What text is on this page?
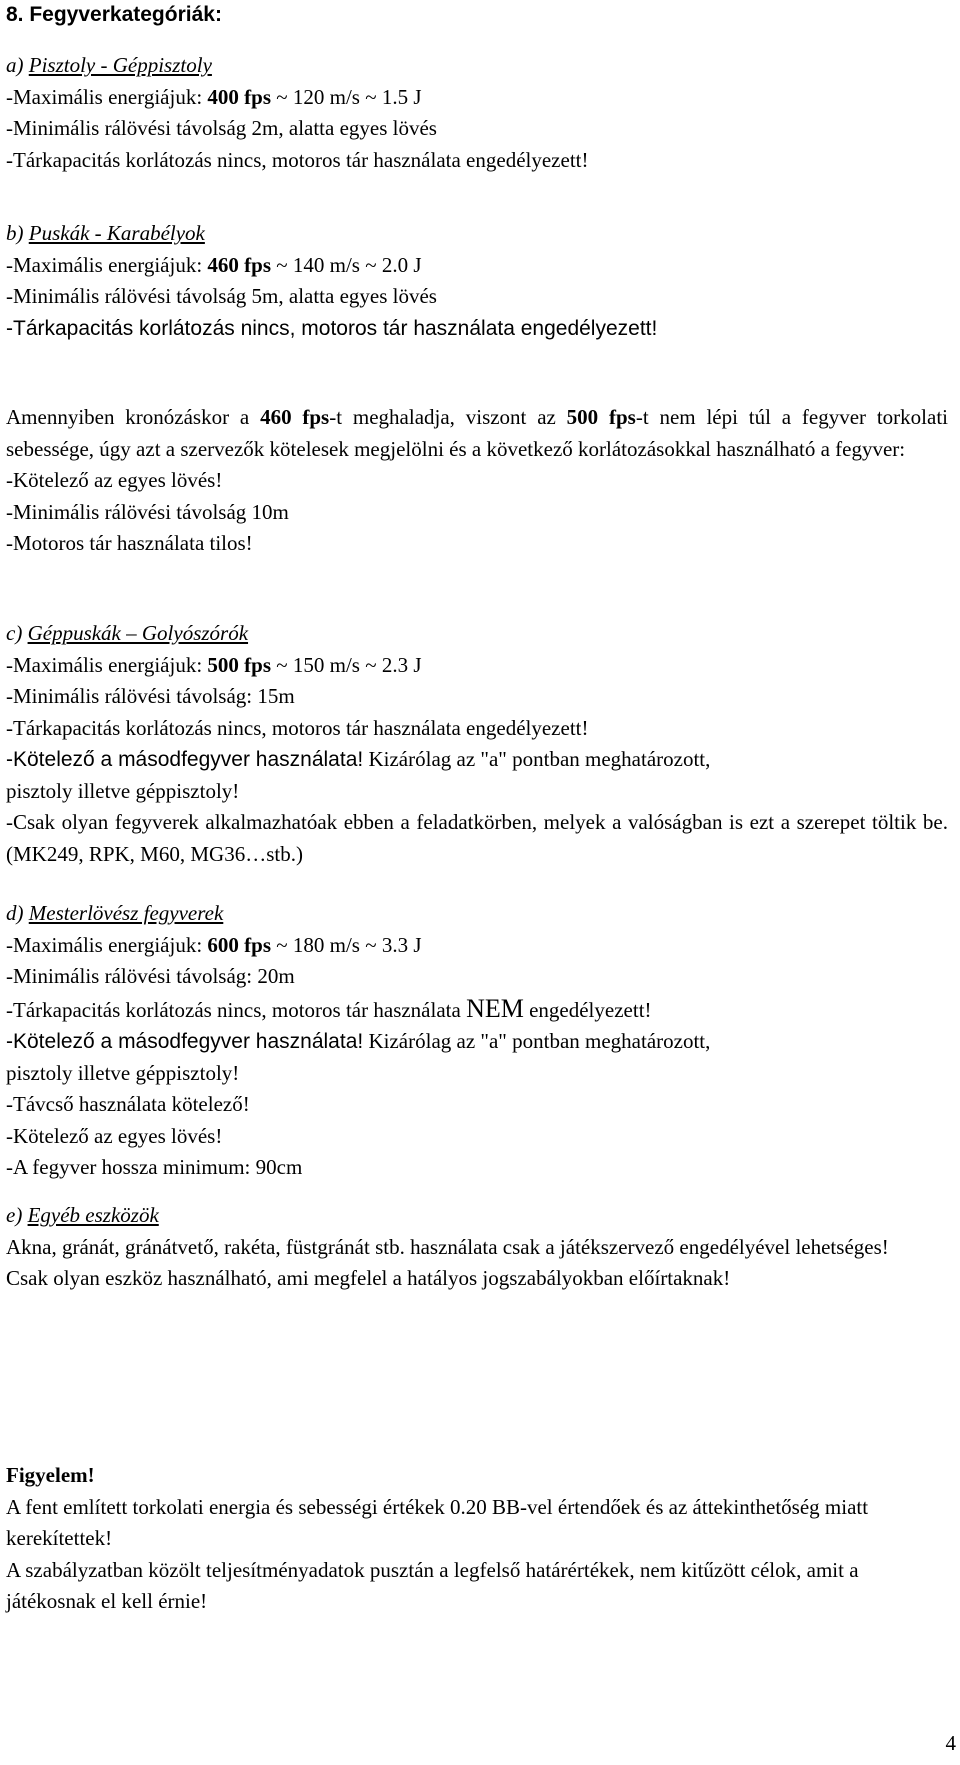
8. Fegyverkategóriák:
a) Pisztoly - Géppisztoly
-Maximális energiájuk: 400 fps ~ 120 m/s ~ 1.5 J
-Minimális rálövési távolság 2m, alatta egyes lövés
-Tárkapacitás korlátozás nincs, motoros tár használata engedélyezett!
b) Puskák - Karabélyok
-Maximális energiájuk: 460 fps ~ 140 m/s ~ 2.0 J
-Minimális rálövési távolság 5m, alatta egyes lövés
-Tárkapacitás korlátozás nincs, motoros tár használata engedélyezett!
Amennyiben kronózáskor a 460 fps-t meghaladja, viszont az 500 fps-t nem lépi túl a fegyver torkolati sebessége, úgy azt a szervezők kötelesek megjelölni és a következő korlátozásokkal használható a fegyver:
-Kötelező az egyes lövés!
-Minimális rálövési távolság 10m
-Motoros tár használata tilos!
c) Géppuskák – Golyószórók
-Maximális energiájuk: 500 fps ~ 150 m/s ~ 2.3 J
-Minimális rálövési távolság: 15m
-Tárkapacitás korlátozás nincs, motoros tár használata engedélyezett!
-Kötelező a másodfegyver használata! Kizárólag az "a" pontban meghatározott,
pisztoly illetve géppisztoly!
-Csak olyan fegyverek alkalmazhatóak ebben a feladatkörben, melyek a valóságban is ezt a szerepet töltik be. (MK249, RPK, M60, MG36…stb.)
d) Mesterlövész fegyverek
-Maximális energiájuk: 600 fps ~ 180 m/s ~ 3.3 J
-Minimális rálövési távolság: 20m
-Tárkapacitás korlátozás nincs, motoros tár használata NEM engedélyezett!
-Kötelező a másodfegyver használata! Kizárólag az "a" pontban meghatározott,
pisztoly illetve géppisztoly!
-Távcső használata kötelező!
-Kötelező az egyes lövés!
-A fegyver hossza minimum: 90cm
e) Egyéb eszközök
Akna, gránát, gránátvető, rakéta, füstgránát stb. használata csak a játékszervező engedélyével lehetséges! Csak olyan eszköz használható, ami megfelel a hatályos jogszabályokban előírtaknak!
Figyelem!
A fent említett torkolati energia és sebességi értékek 0.20 BB-vel értendőek és az áttekinthetőség miatt kerekítettek!
A szabályzatban közölt teljesítményadatok pusztán a legfelső határértékek, nem kitűzött célok, amit a játékosnak el kell érnie!
4
